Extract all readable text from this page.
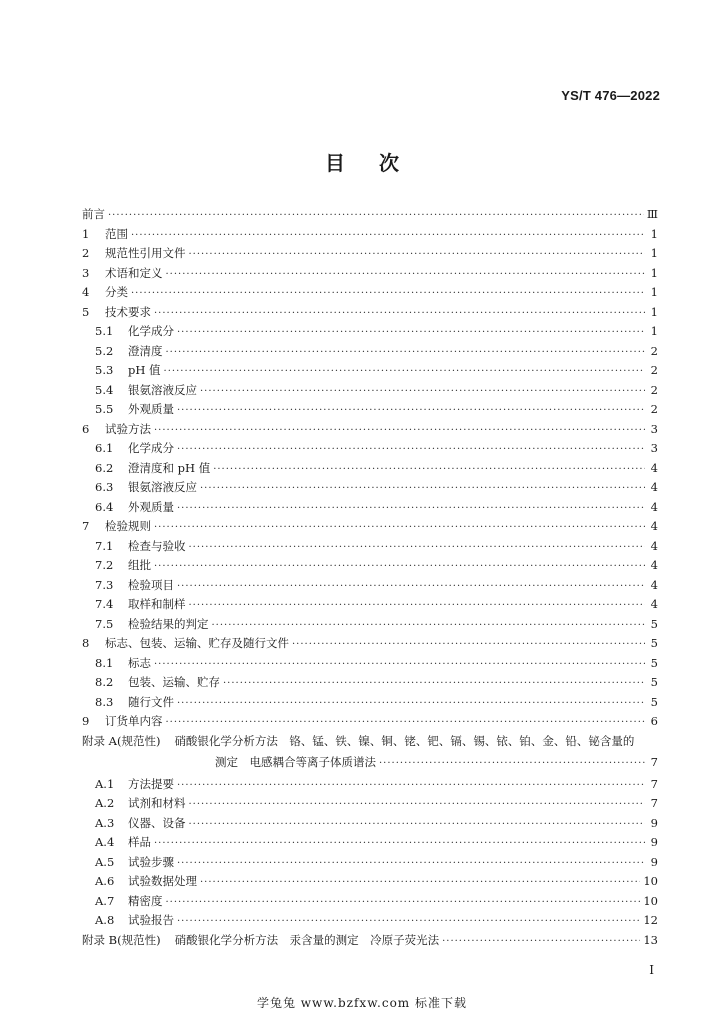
YS/T 476—2022
目次
前言 ·····	Ⅲ
1	范围 ·····	1
2	规范性引用文件 ·····	1
3	术语和定义 ·····	1
4	分类 ·····	1
5	技术要求 ·····	1
5.1	化学成分 ·····	1
5.2	澄清度 ·····	2
5.3	pH 值 ·····	2
5.4	银氨溶液反应 ·····	2
5.5	外观质量 ·····	2
6	试验方法 ·····	3
6.1	化学成分 ·····	3
6.2	澄清度和 pH 值 ·····	4
6.3	银氨溶液反应 ·····	4
6.4	外观质量 ·····	4
7	检验规则 ·····	4
7.1	检查与验收 ·····	4
7.2	组批 ·····	4
7.3	检验项目 ·····	4
7.4	取样和制样 ·····	4
7.5	检验结果的判定 ·····	5
8	标志、包装、运输、贮存及随行文件 ·····	5
8.1	标志 ·····	5
8.2	包装、运输、贮存 ·····	5
8.3	随行文件 ·····	5
9	订货单内容 ·····	6
附录 A(规范性) 硝酸银化学分析方法　铬、锰、铁、镍、铜、铑、钯、镉、锡、铱、铂、金、铅、铋含量的
测定　电感耦合等离子体质谱法 ·····	7
A.1	方法提要 ·····	7
A.2	试剂和材料 ·····	7
A.3	仪器、设备 ·····	9
A.4	样品 ·····	9
A.5	试验步骤 ·····	9
A.6	试验数据处理 ·····	10
A.7	精密度 ·····	10
A.8	试验报告 ·····	12
附录 B(规范性) 硝酸银化学分析方法　汞含量的测定　冷原子荧光法 ·····	13
I
学兔兔 www.bzfxw.com 标准下载
